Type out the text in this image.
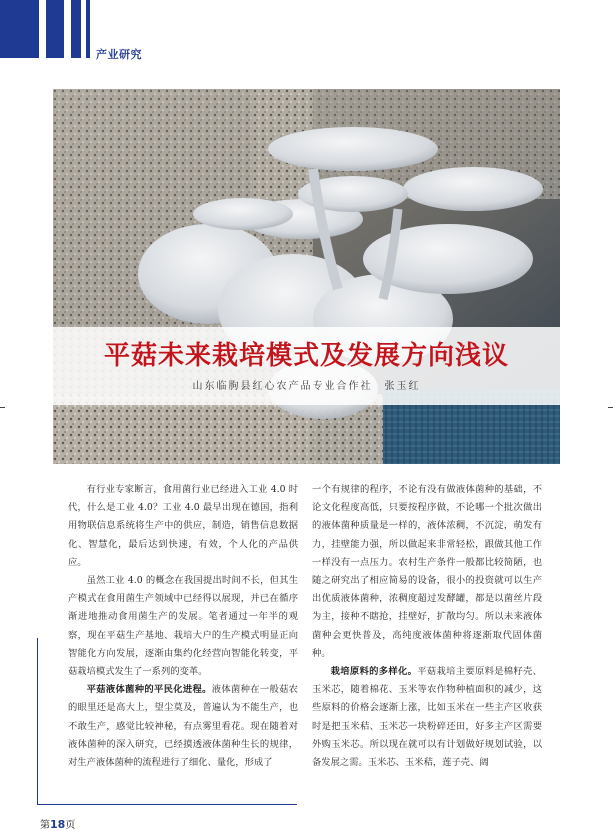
产业研究
平菇未来栽培模式及发展方向浅议
山东临朐县红心农产品专业合作社　张玉红

有行业专家断言，食用菌行业已经进入工业 4.0 时代，什么是工业 4.0？工业 4.0 最早出现在德国，指利用物联信息系统将生产中的供应，制造，销售信息数据化、智慧化，最后达到快速，有效，个人化的产品供应。

虽然工业 4.0 的概念在我国提出时间不长，但其生产模式在食用菌生产领域中已经得以展现，并已在循序渐进地推动食用菌生产的发展。笔者通过一年半的观察，现在平菇生产基地、栽培大户的生产模式明显正向智能化方向发展，逐渐由集约化经营向智能化转变，平菇栽培模式发生了一系列的变革。

平菇液体菌种的平民化进程。液体菌种在一般菇农的眼里还是高大上，望尘莫及，普遍认为不能生产，也不敢生产，感觉比较神秘，有点雾里看花。现在随着对液体菌种的深入研究，已经摸透液体菌种生长的规律，对生产液体菌种的流程进行了细化、量化，形成了

一个有规律的程序，不论有没有做液体菌种的基础，不论文化程度高低，只要按程序做，不论哪一个批次做出的液体菌种质量是一样的，液体浓稠，不沉淀，萌发有力，挂壁能力强，所以做起来非常轻松，跟做其他工作一样没有一点压力。农村生产条件一般都比较简陋，也随之研究出了相应简易的设备，很小的投资就可以生产出优质液体菌种，浓稠度超过发酵罐，都是以菌丝片段为主，接种不瞎抢，挂壁好，扩散均匀。所以未来液体菌种会更快普及，高纯度液体菌种将逐渐取代固体菌种。

栽培原料的多样化。平菇栽培主要原料是棉籽壳、玉米芯，随着棉花、玉米等农作物种植面积的减少，这些原料的价格会逐渐上涨，比如玉米在一些主产区收获时是把玉米秸、玉米芯一块粉碎还田，好多主产区需要外购玉米芯。所以现在就可以有计划做好规划试验，以备发展之需。玉米芯、玉米秸，莲子壳、阔

第18页
